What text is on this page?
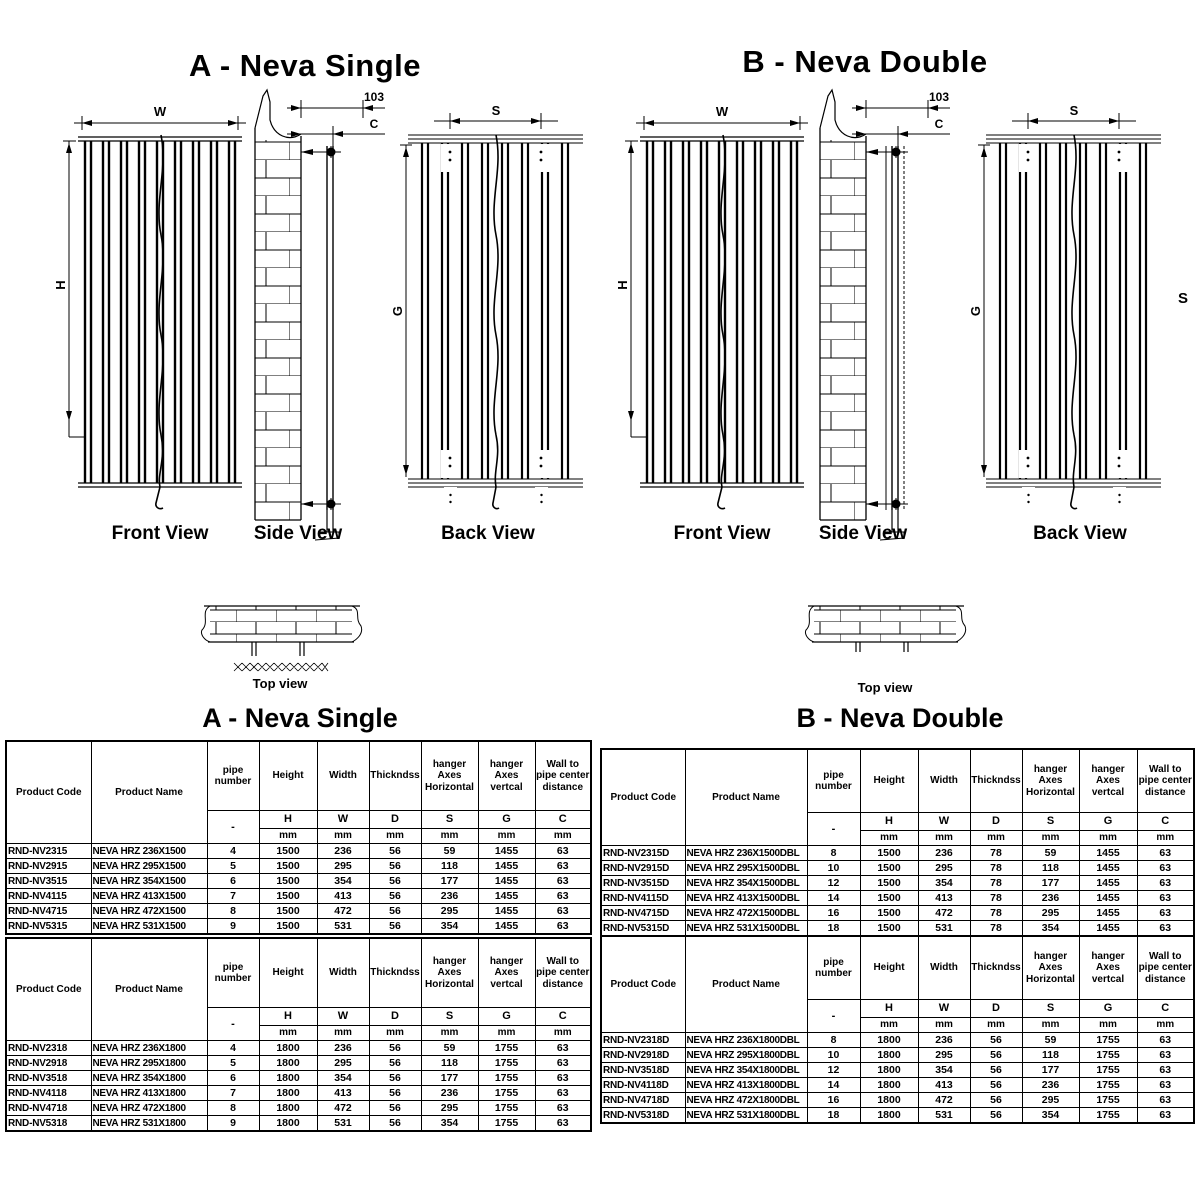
A - Neva Single	B - Neva Double
W
H
Front View
103
C
Side View
S
G
Back View
Top view
W
H
Front View
103
C
Side View
S
G
Back View
S
Top view
A - Neva Single	B - Neva Double
Product Code	Product Name	pipe number	Height	Width	Thickndss	hanger Axes Horizontal	hanger Axes vertcal	Wall to pipe center distance
		-	H	W	D	S	G	C
			mm	mm	mm	mm	mm	mm
RND-NV2315	NEVA HRZ 236X1500	4	1500	236	56	59	1455	63
RND-NV2915	NEVA HRZ 295X1500	5	1500	295	56	118	1455	63
RND-NV3515	NEVA HRZ 354X1500	6	1500	354	56	177	1455	63
RND-NV4115	NEVA HRZ 413X1500	7	1500	413	56	236	1455	63
RND-NV4715	NEVA HRZ 472X1500	8	1500	472	56	295	1455	63
RND-NV5315	NEVA HRZ 531X1500	9	1500	531	56	354	1455	63
Product Code	Product Name	pipe number	Height	Width	Thickndss	hanger Axes Horizontal	hanger Axes vertcal	Wall to pipe center distance
		-	H	W	D	S	G	C
			mm	mm	mm	mm	mm	mm
RND-NV2318	NEVA HRZ 236X1800	4	1800	236	56	59	1755	63
RND-NV2918	NEVA HRZ 295X1800	5	1800	295	56	118	1755	63
RND-NV3518	NEVA HRZ 354X1800	6	1800	354	56	177	1755	63
RND-NV4118	NEVA HRZ 413X1800	7	1800	413	56	236	1755	63
RND-NV4718	NEVA HRZ 472X1800	8	1800	472	56	295	1755	63
RND-NV5318	NEVA HRZ 531X1800	9	1800	531	56	354	1755	63
Product Code	Product Name	pipe number	Height	Width	Thickndss	hanger Axes Horizontal	hanger Axes vertcal	Wall to pipe center distance
		-	H	W	D	S	G	C
			mm	mm	mm	mm	mm	mm
RND-NV2315D	NEVA HRZ 236X1500DBL	8	1500	236	78	59	1455	63
RND-NV2915D	NEVA HRZ 295X1500DBL	10	1500	295	78	118	1455	63
RND-NV3515D	NEVA HRZ 354X1500DBL	12	1500	354	78	177	1455	63
RND-NV4115D	NEVA HRZ 413X1500DBL	14	1500	413	78	236	1455	63
RND-NV4715D	NEVA HRZ 472X1500DBL	16	1500	472	78	295	1455	63
RND-NV5315D	NEVA HRZ 531X1500DBL	18	1500	531	78	354	1455	63
Product Code	Product Name	pipe number	Height	Width	Thickndss	hanger Axes Horizontal	hanger Axes vertcal	Wall to pipe center distance
		-	H	W	D	S	G	C
			mm	mm	mm	mm	mm	mm
RND-NV2318D	NEVA HRZ 236X1800DBL	8	1800	236	56	59	1755	63
RND-NV2918D	NEVA HRZ 295X1800DBL	10	1800	295	56	118	1755	63
RND-NV3518D	NEVA HRZ 354X1800DBL	12	1800	354	56	177	1755	63
RND-NV4118D	NEVA HRZ 413X1800DBL	14	1800	413	56	236	1755	63
RND-NV4718D	NEVA HRZ 472X1800DBL	16	1800	472	56	295	1755	63
RND-NV5318D	NEVA HRZ 531X1800DBL	18	1800	531	56	354	1755	63
